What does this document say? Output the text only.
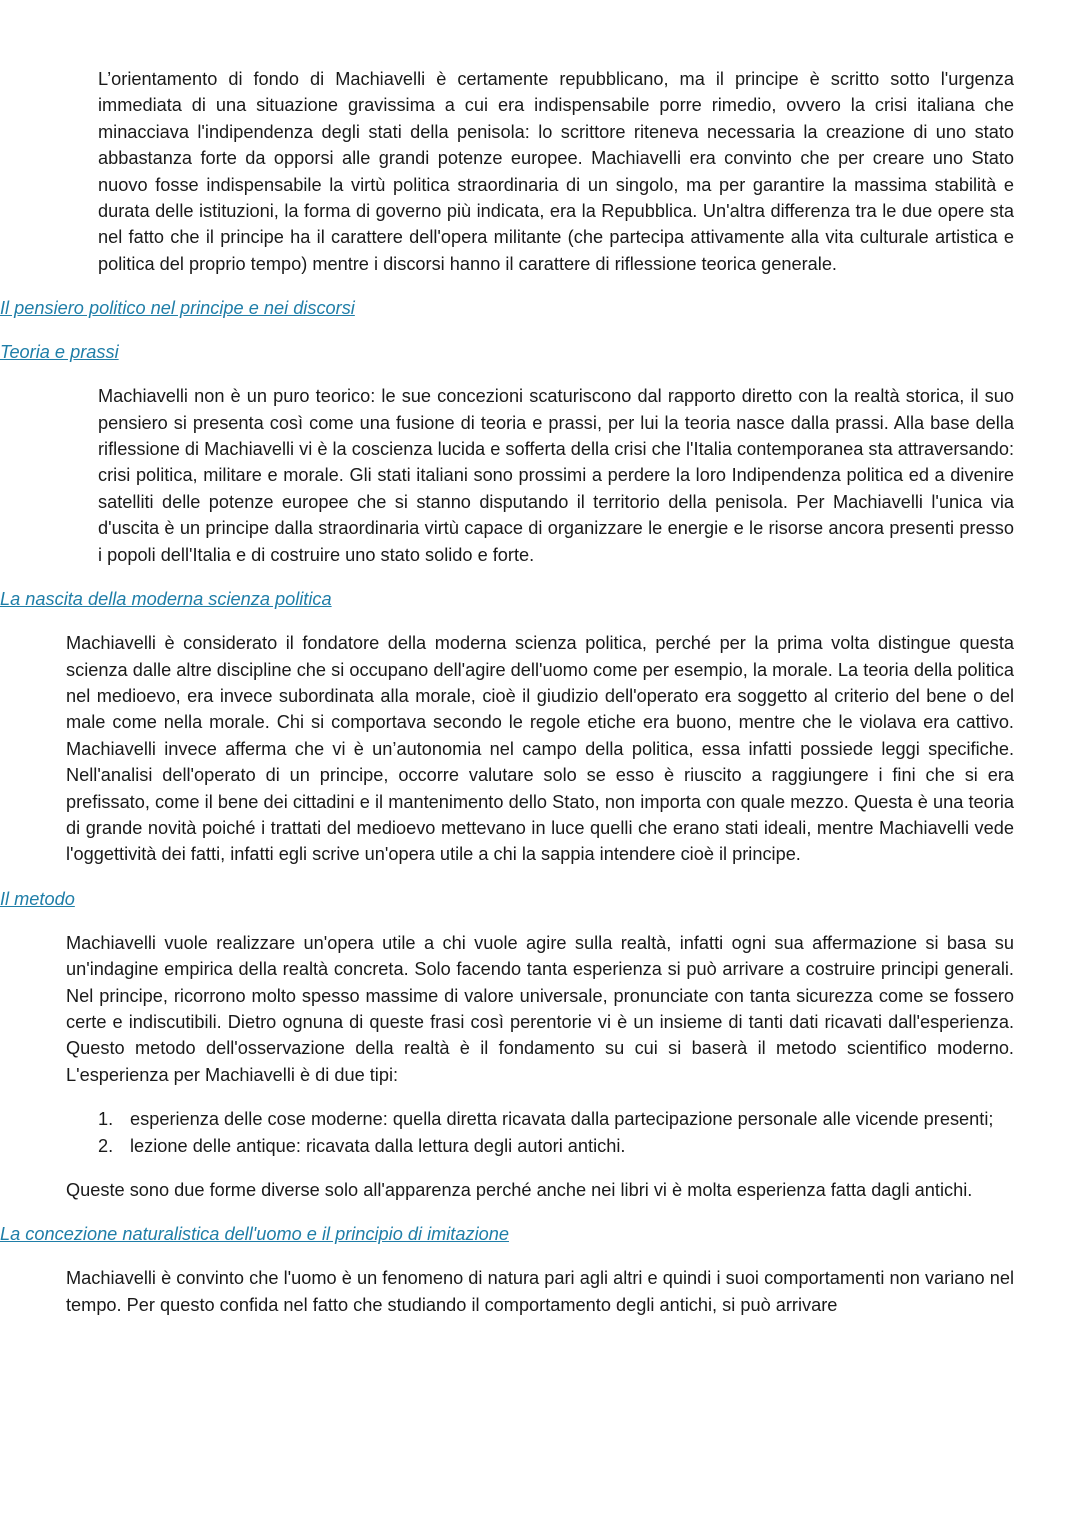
L’orientamento di fondo di Machiavelli è certamente repubblicano, ma il principe è scritto sotto l'urgenza immediata di una situazione gravissima a cui era indispensabile porre rimedio, ovvero la crisi italiana che minacciava l'indipendenza degli stati della penisola: lo scrittore riteneva necessaria la creazione di uno stato abbastanza forte da opporsi alle grandi potenze europee. Machiavelli era convinto che per creare uno Stato nuovo fosse indispensabile la virtù politica straordinaria di un singolo, ma per garantire la massima stabilità e durata delle istituzioni, la forma di governo più indicata, era la Repubblica. Un'altra differenza tra le due opere sta nel fatto che il principe ha il carattere dell'opera militante (che partecipa attivamente alla vita culturale artistica e politica del proprio tempo) mentre i discorsi hanno il carattere di riflessione teorica generale.

Il pensiero politico nel principe e nei discorsi
Teoria e prassi

Machiavelli non è un puro teorico: le sue concezioni scaturiscono dal rapporto diretto con la realtà storica, il suo pensiero si presenta così come una fusione di teoria e prassi, per lui la teoria nasce dalla prassi. Alla base della riflessione di Machiavelli vi è la coscienza lucida e sofferta della crisi che l'Italia contemporanea sta attraversando: crisi politica, militare e morale. Gli stati italiani sono prossimi a perdere la loro Indipendenza politica ed a divenire satelliti delle potenze europee che si stanno disputando il territorio della penisola. Per Machiavelli l'unica via d'uscita è un principe dalla straordinaria virtù capace di organizzare le energie e le risorse ancora presenti presso i popoli dell'Italia e di costruire uno stato solido e forte.

La nascita della moderna scienza politica

Machiavelli è considerato il fondatore della moderna scienza politica, perché per la prima volta distingue questa scienza dalle altre discipline che si occupano dell'agire dell'uomo come per esempio, la morale. La teoria della politica nel medioevo, era invece subordinata alla morale, cioè il giudizio dell'operato era soggetto al criterio del bene o del male come nella morale. Chi si comportava secondo le regole etiche era buono, mentre che le violava era cattivo. Machiavelli invece afferma che vi è un’autonomia nel campo della politica, essa infatti possiede leggi specifiche. Nell'analisi dell'operato di un principe, occorre valutare solo se esso è riuscito a raggiungere i fini che si era prefissato, come il bene dei cittadini e il mantenimento dello Stato, non importa con quale mezzo. Questa è una teoria di grande novità poiché i trattati del medioevo mettevano in luce quelli che erano stati ideali, mentre Machiavelli vede l'oggettività dei fatti, infatti egli scrive un'opera utile a chi la sappia intendere cioè il principe.

Il metodo

Machiavelli vuole realizzare un'opera utile a chi vuole agire sulla realtà, infatti ogni sua affermazione si basa su un'indagine empirica della realtà concreta. Solo facendo tanta esperienza si può arrivare a costruire principi generali. Nel principe, ricorrono molto spesso massime di valore universale, pronunciate con tanta sicurezza come se fossero certe e indiscutibili. Dietro ognuna di queste frasi così perentorie vi è un insieme di tanti dati ricavati dall'esperienza. Questo metodo dell'osservazione della realtà è il fondamento su cui si baserà il metodo scientifico moderno. L'esperienza per Machiavelli è di due tipi:

1. esperienza delle cose moderne: quella diretta ricavata dalla partecipazione personale alle vicende presenti;
2. lezione delle antique: ricavata dalla lettura degli autori antichi.

Queste sono due forme diverse solo all'apparenza perché anche nei libri vi è molta esperienza fatta dagli antichi.

La concezione naturalistica dell'uomo e il principio di imitazione

Machiavelli è convinto che l'uomo è un fenomeno di natura pari agli altri e quindi i suoi comportamenti non variano nel tempo. Per questo confida nel fatto che studiando il comportamento degli antichi, si può arrivare
